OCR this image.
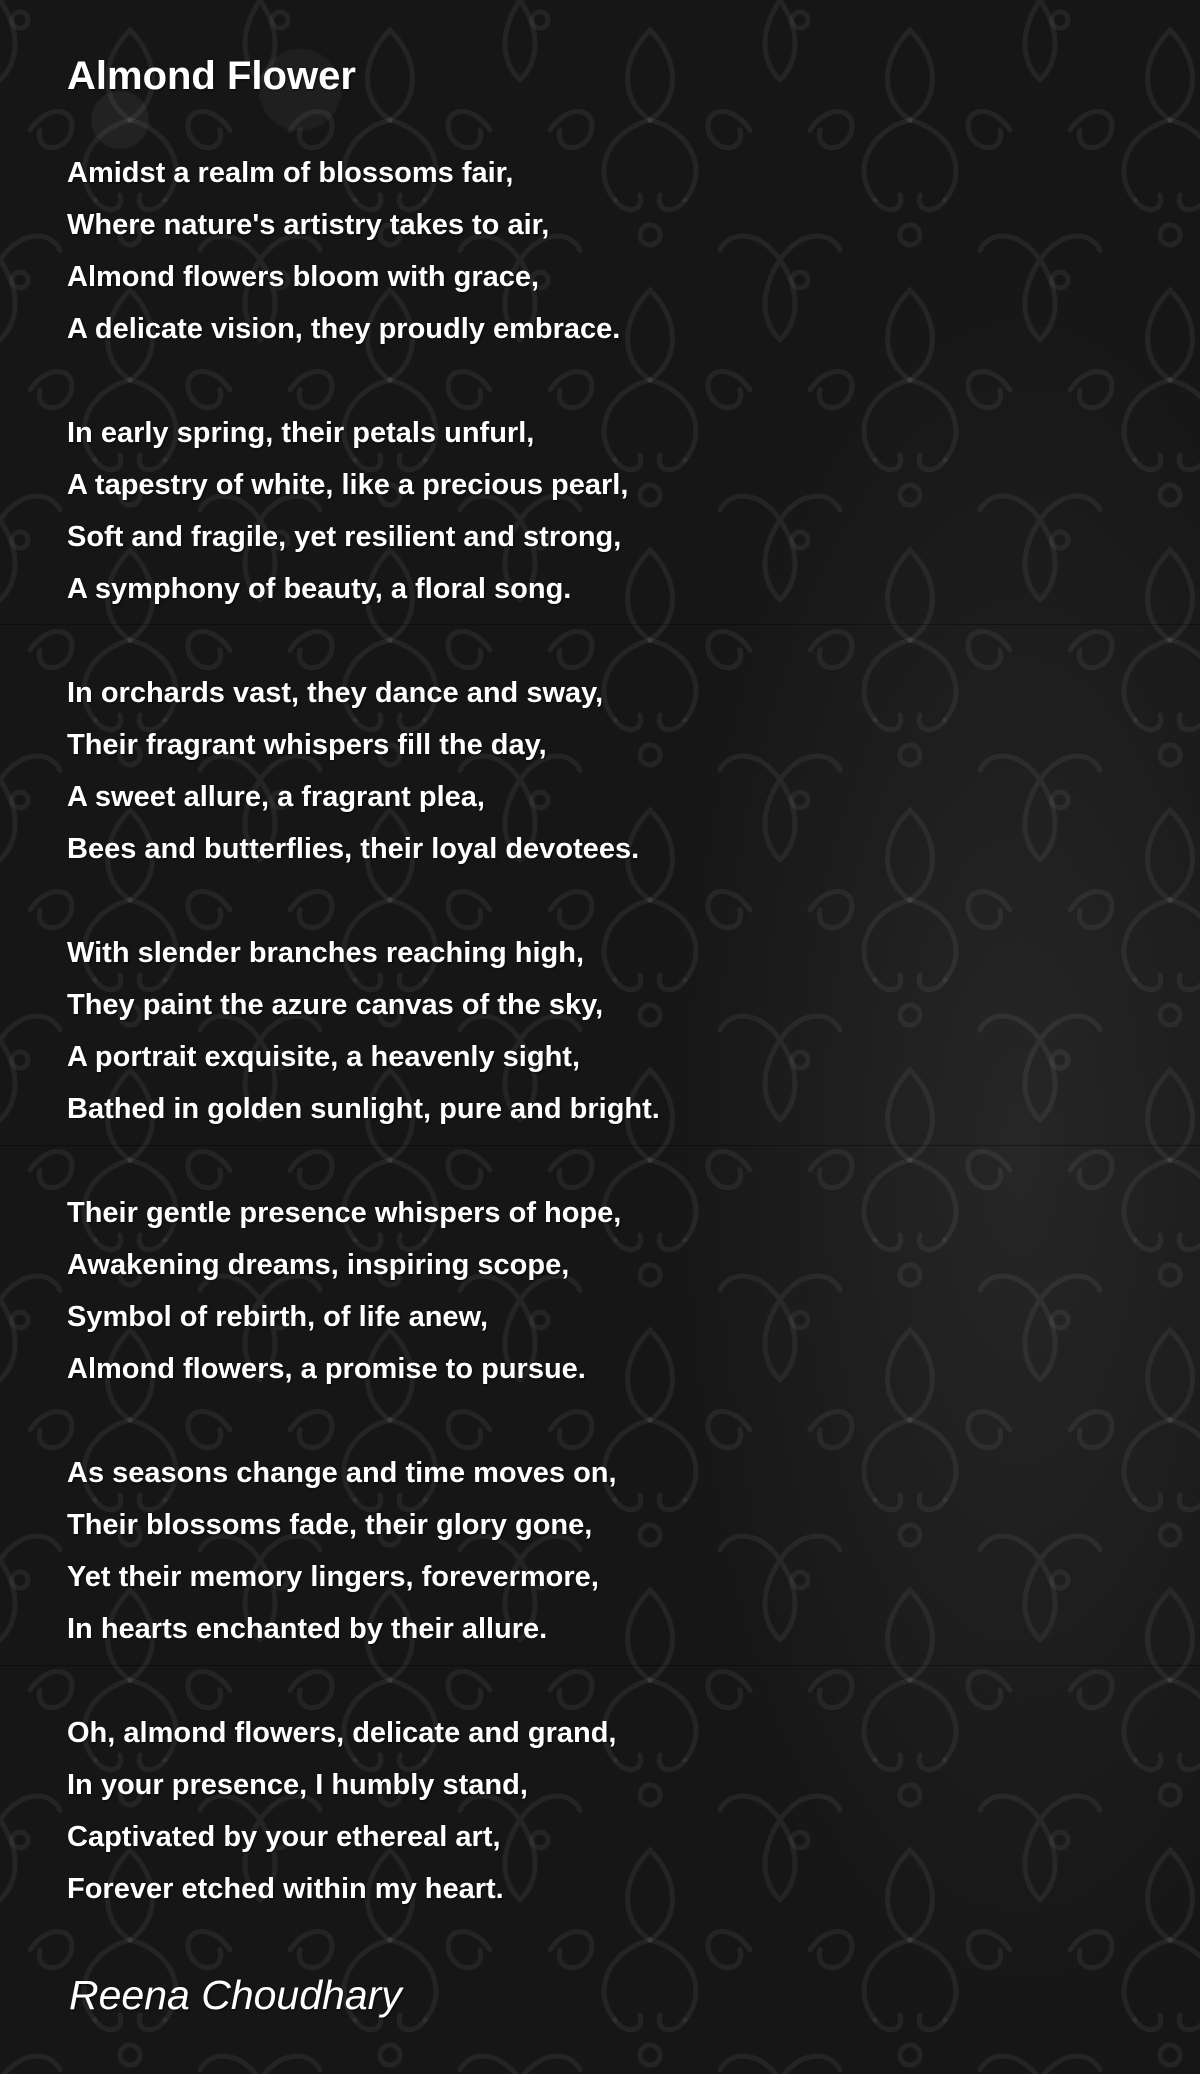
Almond Flower
Amidst a realm of blossoms fair,
Where nature's artistry takes to air,
Almond flowers bloom with grace,
A delicate vision, they proudly embrace.
In early spring, their petals unfurl,
A tapestry of white, like a precious pearl,
Soft and fragile, yet resilient and strong,
A symphony of beauty, a floral song.
In orchards vast, they dance and sway,
Their fragrant whispers fill the day,
A sweet allure, a fragrant plea,
Bees and butterflies, their loyal devotees.
With slender branches reaching high,
They paint the azure canvas of the sky,
A portrait exquisite, a heavenly sight,
Bathed in golden sunlight, pure and bright.
Their gentle presence whispers of hope,
Awakening dreams, inspiring scope,
Symbol of rebirth, of life anew,
Almond flowers, a promise to pursue.
As seasons change and time moves on,
Their blossoms fade, their glory gone,
Yet their memory lingers, forevermore,
In hearts enchanted by their allure.
Oh, almond flowers, delicate and grand,
In your presence, I humbly stand,
Captivated by your ethereal art,
Forever etched within my heart.
Reena Choudhary
